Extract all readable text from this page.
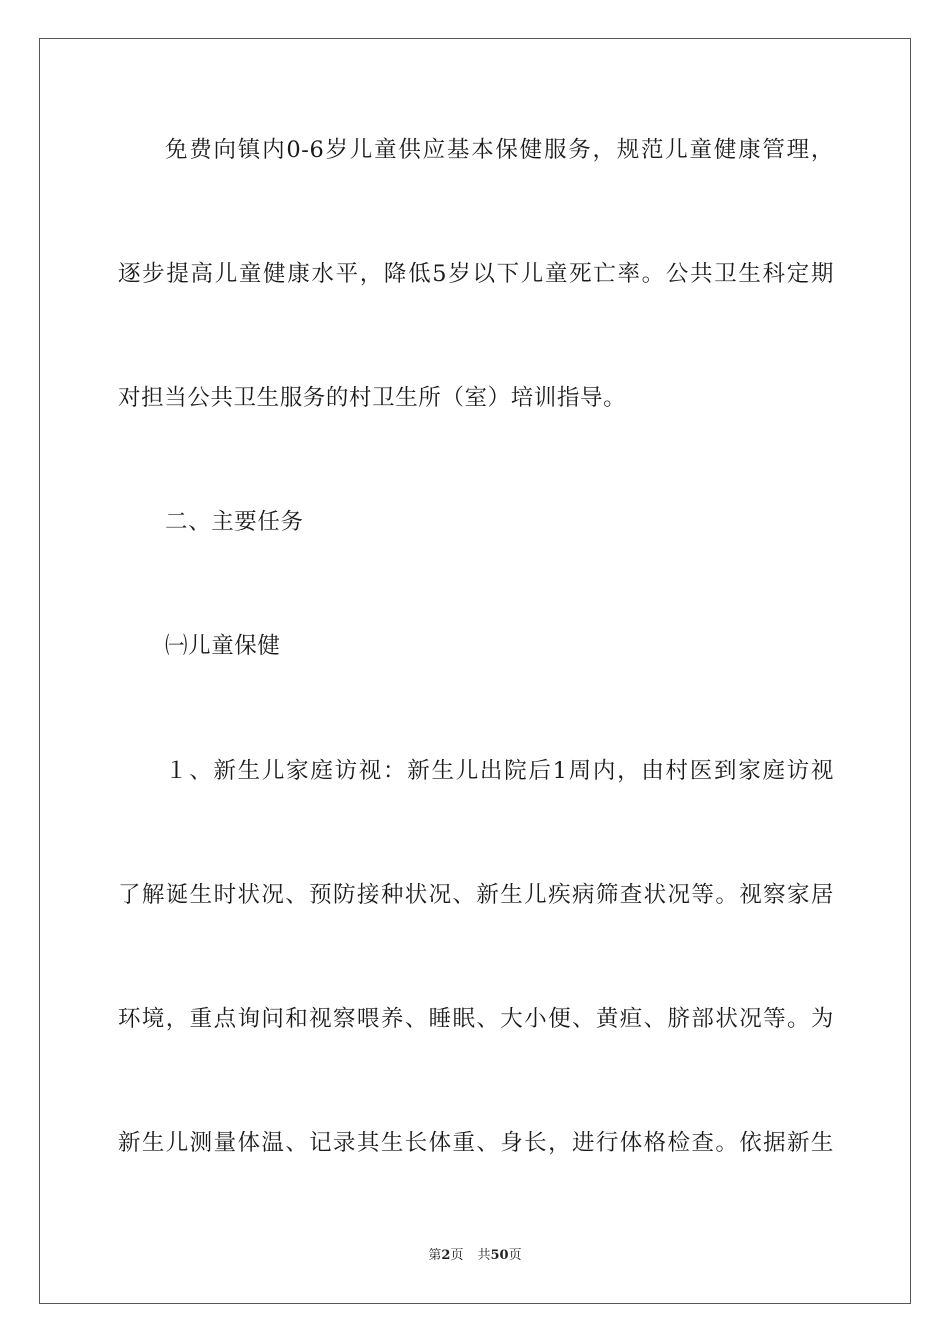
免费向镇内0-6岁儿童供应基本保健服务，规范儿童健康管理，
逐步提高儿童健康水平，降低5岁以下儿童死亡率。公共卫生科定期
对担当公共卫生服务的村卫生所（室）培训指导。
二、主要任务
㈠儿童保健
１、新生儿家庭访视：新生儿出院后1周内，由村医到家庭访视
了解诞生时状况、预防接种状况、新生儿疾病筛查状况等。视察家居
环境，重点询问和视察喂养、睡眠、大小便、黄疸、脐部状况等。为
新生儿测量体温、记录其生长体重、身长，进行体格检查。依据新生
第2页 共50页
